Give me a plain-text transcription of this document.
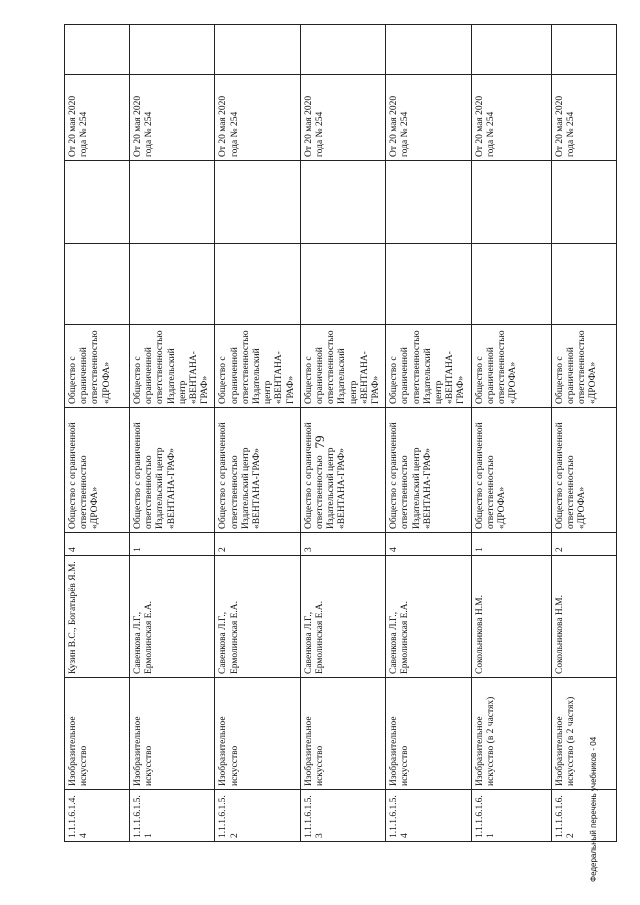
79
1.1.1.6.1.4.4	Изобразительное искусство	Кузин В.С., Богатырёв Я.М.	4	Общество с ограниченной ответственностью «ДРОФА»	Общество с ограниченной ответственностью «ДРОФА»			От 20 мая 2020 года № 254	
1.1.1.6.1.5.1	Изобразительное искусство	Савенкова Л.Г., Ермолинская Е.А.	1	Общество с ограниченной ответственностью Издательский центр «ВЕНТАНА-ГРАФ»	Общество с ограниченной ответственностью Издательский центр «ВЕНТАНА-ГРАФ»			От 20 мая 2020 года № 254	
1.1.1.6.1.5.2	Изобразительное искусство	Савенкова Л.Г., Ермолинская Е.А.	2	Общество с ограниченной ответственностью Издательский центр «ВЕНТАНА-ГРАФ»	Общество с ограниченной ответственностью Издательский центр «ВЕНТАНА-ГРАФ»			От 20 мая 2020 года № 254	
1.1.1.6.1.5.3	Изобразительное искусство	Савенкова Л.Г., Ермолинская Е.А.	3	Общество с ограниченной ответственностью Издательский центр «ВЕНТАНА-ГРАФ»	Общество с ограниченной ответственностью Издательский центр «ВЕНТАНА-ГРАФ»			От 20 мая 2020 года № 254	
1.1.1.6.1.5.4	Изобразительное искусство	Савенкова Л.Г., Ермолинская Е.А.	4	Общество с ограниченной ответственностью Издательский центр «ВЕНТАНА-ГРАФ»	Общество с ограниченной ответственностью Издательский центр «ВЕНТАНА-ГРАФ»			От 20 мая 2020 года № 254	
1.1.1.6.1.6.1	Изобразительное искусство (в 2 частях)	Сокольникова Н.М.	1	Общество с ограниченной ответственностью «ДРОФА»	Общество с ограниченной ответственностью «ДРОФА»			От 20 мая 2020 года № 254	
1.1.1.6.1.6.2	Изобразительное искусство (в 2 частях)	Сокольникова Н.М.	2	Общество с ограниченной ответственностью «ДРОФА»	Общество с ограниченной ответственностью «ДРОФА»			От 20 мая 2020 года № 254	
Федеральный перечень учебников - 04
